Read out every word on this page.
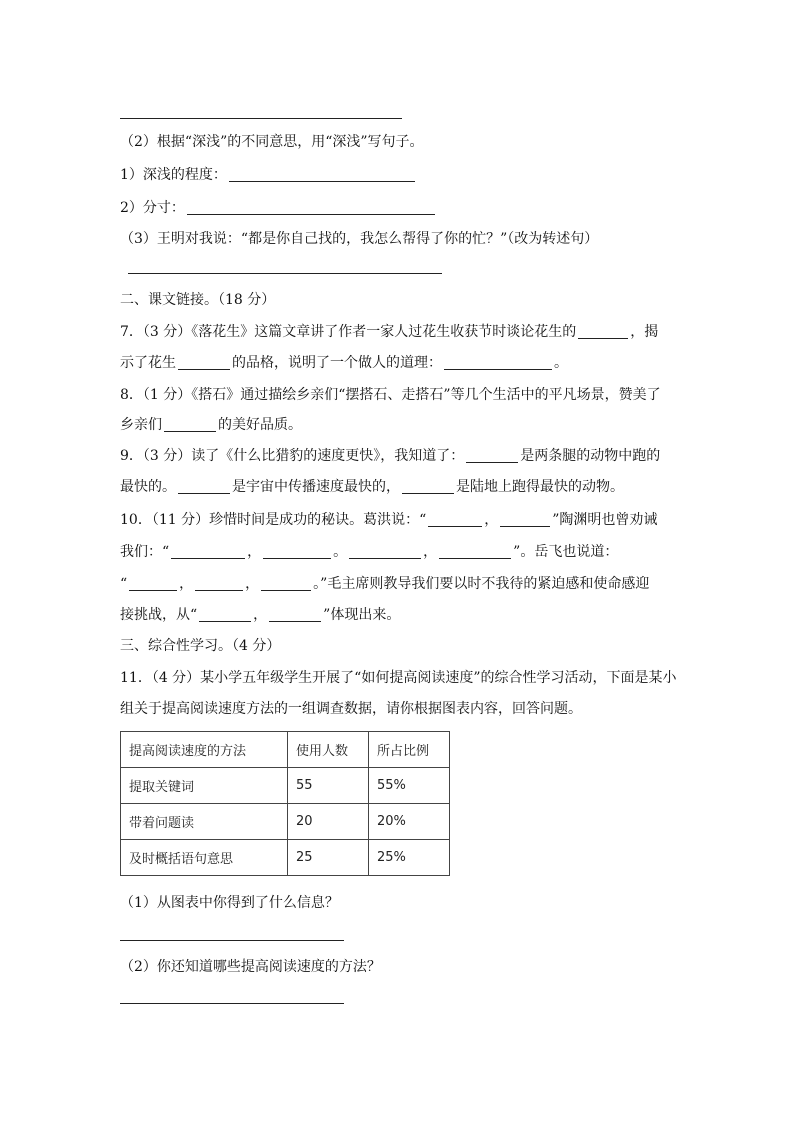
（2）根据“深浅”的不同意思，用“深浅”写句子。
1）深浅的程度：
2）分寸：
（3）王明对我说：“都是你自己找的，我怎么帮得了你的忙？”（改为转述句）
二、课文链接。（18 分）
7．（3 分）《落花生》这篇文章讲了作者一家人过花生收获节时谈论花生的	，揭
示了花生	的品格，说明了一个做人的道理：	。
8．（1 分）《搭石》通过描绘乡亲们“摆搭石、走搭石”等几个生活中的平凡场景，赞美了
乡亲们	的美好品质。
9．（3 分）读了《什么比猎豹的速度更快》，我知道了：	是两条腿的动物中跑的
最快的。	是宇宙中传播速度最快的，	是陆地上跑得最快的动物。
10．（11 分）珍惜时间是成功的秘诀。葛洪说：“	，	”陶渊明也曾劝诫
我们：“	，	。	，	”。岳飞也说道：
“	，	，	。”毛主席则教导我们要以时不我待的紧迫感和使命感迎
接挑战，从“	，	”体现出来。
三、综合性学习。（4 分）
11．（4 分）某小学五年级学生开展了“如何提高阅读速度”的综合性学习活动，下面是某小
组关于提高阅读速度方法的一组调查数据，请你根据图表内容，回答问题。
提高阅读速度的方法	使用人数	所占比例
提取关键词	55	55%
带着问题读	20	20%
及时概括语句意思	25	25%
（1）从图表中你得到了什么信息？
（2）你还知道哪些提高阅读速度的方法？
